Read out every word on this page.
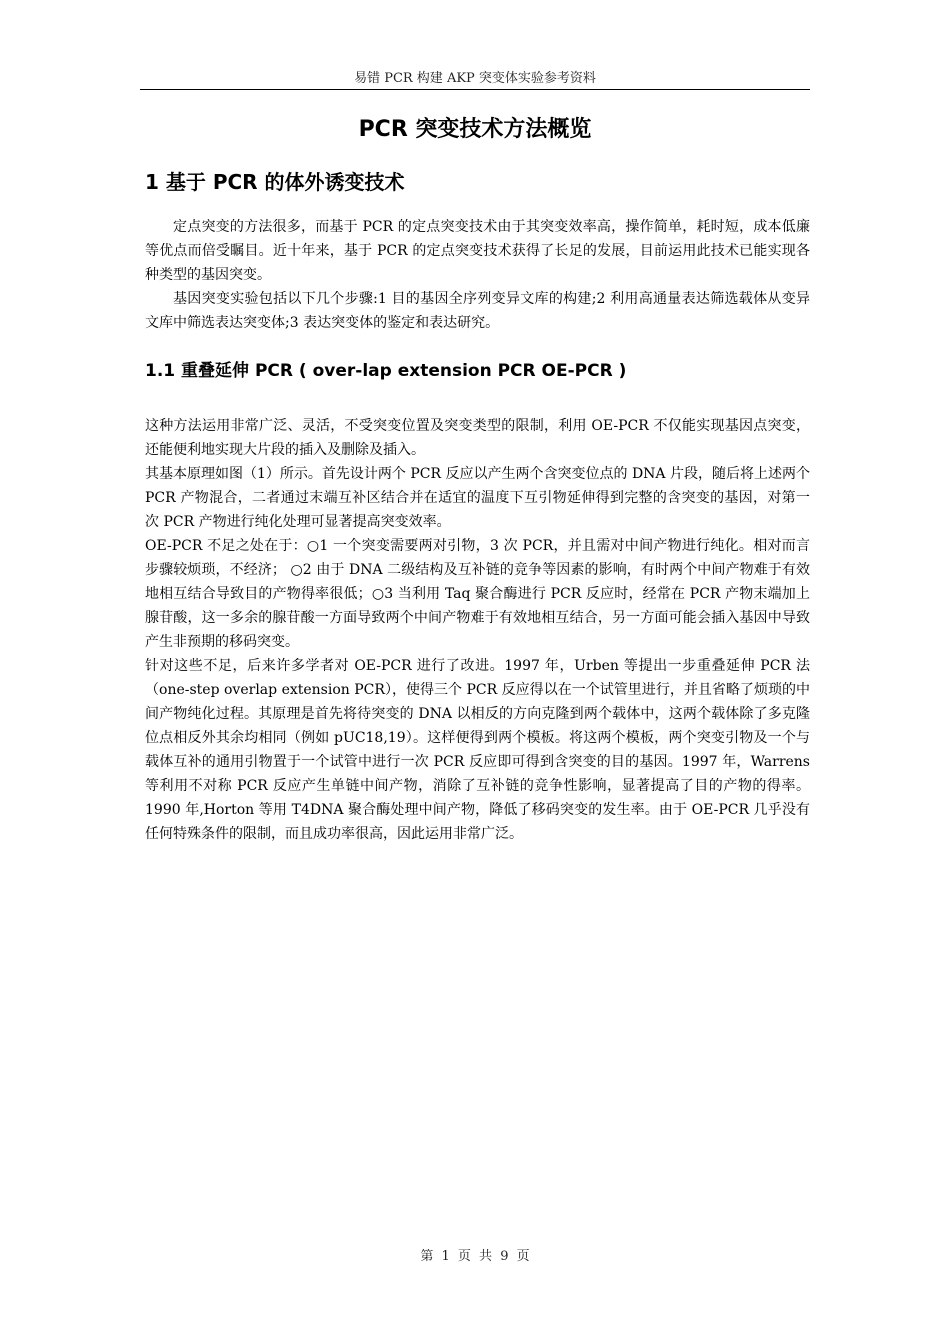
易错 PCR 构建 AKP 突变体实验参考资料
PCR 突变技术方法概览
1 基于 PCR 的体外诱变技术

定点突变的方法很多，而基于 PCR 的定点突变技术由于其突变效率高，操作简单，耗时短，成本低廉等优点而倍受瞩目。近十年来，基于 PCR 的定点突变技术获得了长足的发展，目前运用此技术已能实现各种类型的基因突变。

基因突变实验包括以下几个步骤:1 目的基因全序列变异文库的构建;2 利用高通量表达筛选载体从变异文库中筛选表达突变体;3 表达突变体的鉴定和表达研究。

1.1 重叠延伸 PCR ( over-lap extension PCR OE-PCR )

这种方法运用非常广泛、灵活，不受突变位置及突变类型的限制，利用 OE-PCR 不仅能实现基因点突变，还能便利地实现大片段的插入及删除及插入。

其基本原理如图（1）所示。首先设计两个 PCR 反应以产生两个含突变位点的 DNA 片段，随后将上述两个 PCR 产物混合，二者通过末端互补区结合并在适宜的温度下互引物延伸得到完整的含突变的基因，对第一次 PCR 产物进行纯化处理可显著提高突变效率。

OE-PCR 不足之处在于：○1 一个突变需要两对引物，3 次 PCR，并且需对中间产物进行纯化。相对而言步骤较烦琐，不经济； ○2 由于 DNA 二级结构及互补链的竞争等因素的影响，有时两个中间产物难于有效地相互结合导致目的产物得率很低；○3 当利用 Taq 聚合酶进行 PCR 反应时，经常在 PCR 产物末端加上腺苷酸，这一多余的腺苷酸一方面导致两个中间产物难于有效地相互结合，另一方面可能会插入基因中导致产生非预期的移码突变。

针对这些不足，后来许多学者对 OE-PCR 进行了改进。1997 年，Urben 等提出一步重叠延伸 PCR 法（one-step overlap extension PCR），使得三个 PCR 反应得以在一个试管里进行，并且省略了烦琐的中间产物纯化过程。其原理是首先将待突变的 DNA 以相反的方向克隆到两个载体中，这两个载体除了多克隆位点相反外其余均相同（例如 pUC18,19）。这样便得到两个模板。将这两个模板，两个突变引物及一个与载体互补的通用引物置于一个试管中进行一次 PCR 反应即可得到含突变的目的基因。1997 年，Warrens 等利用不对称 PCR 反应产生单链中间产物，消除了互补链的竞争性影响，显著提高了目的产物的得率。1990 年,Horton 等用 T4DNA 聚合酶处理中间产物，降低了移码突变的发生率。由于 OE-PCR 几乎没有任何特殊条件的限制，而且成功率很高，因此运用非常广泛。

第 1 页 共 9 页
